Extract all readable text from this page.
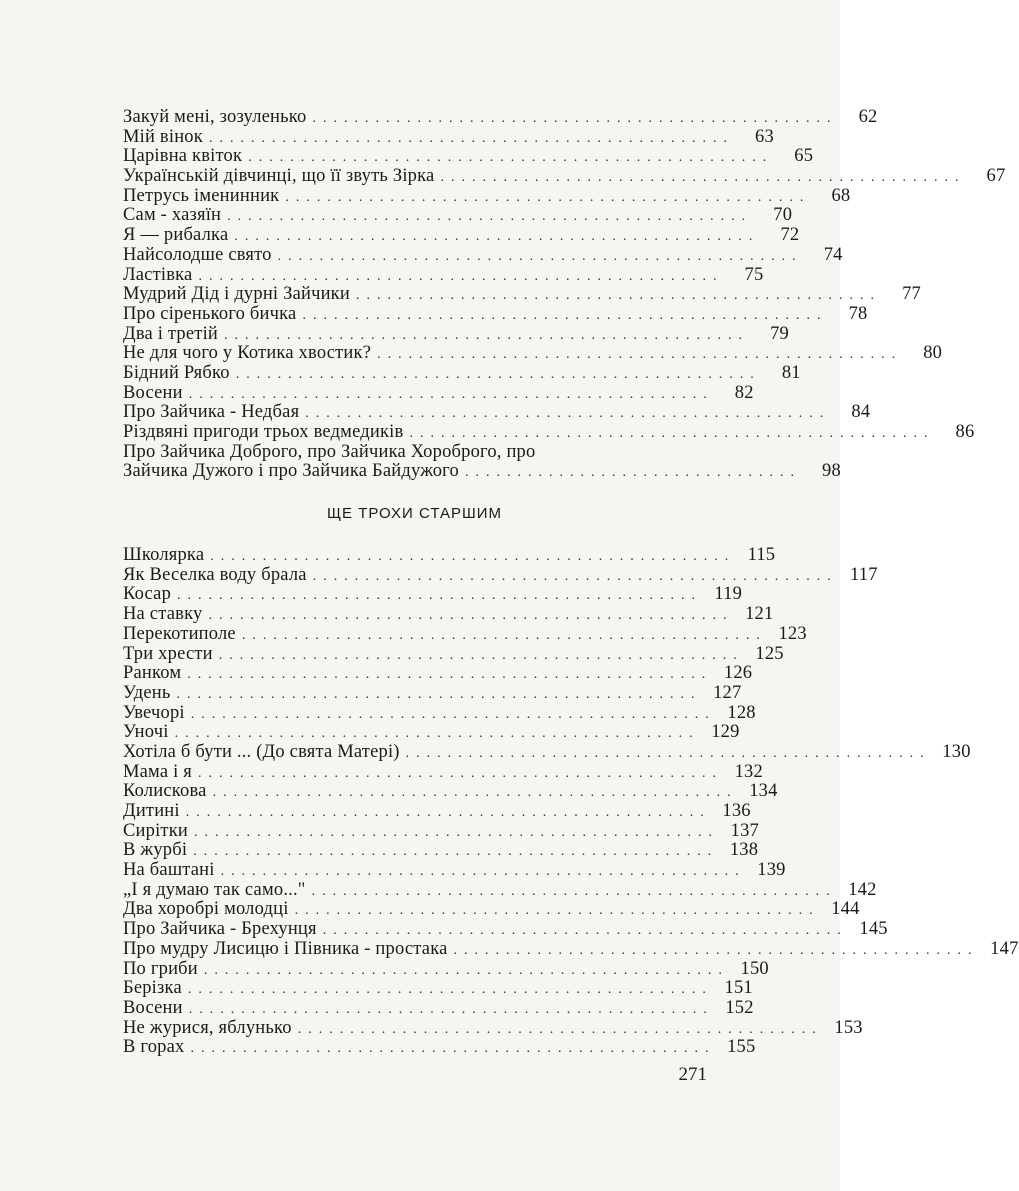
Закуй мені, зозуленько ..................................................	62
Мій вінок ..................................................	63
Царівна квіток ..................................................	65
Українській дівчинці, що її звуть Зірка ..................................................	67
Петрусь іменинник ..................................................	68
Сам - хазяїн ..................................................	70
Я — рибалка ..................................................	72
Найсолодше свято ..................................................	74
Ластівка ..................................................	75
Мудрий Дід і дурні Зайчики ..................................................	77
Про сіренького бичка ..................................................	78
Два і третій ..................................................	79
Не для чого у Котика хвостик? ..................................................	80
Бідний Рябко ..................................................	81
Восени ..................................................	82
Про Зайчика - Недбая ..................................................	84
Різдвяні пригоди трьох ведмедиків ..................................................	86
Про Зайчика Доброго, про Зайчика Хороброго, про
Зайчика Дужого і про Зайчика Байдужого ................................	98
ЩЕ ТРОХИ СТАРШИМ
Школярка .................................................. 115
Як Веселка воду брала .................................................. 117
Косар .................................................. 119
На ставку .................................................. 121
Перекотиполе .................................................. 123
Три хрести .................................................. 125
Ранком .................................................. 126
Удень .................................................. 127
Увечорі .................................................. 128
Уночі .................................................. 129
Хотіла б бути ... (До свята Матері) .................................................. 130
Мама і я .................................................. 132
Колискова .................................................. 134
Дитині .................................................. 136
Сирітки .................................................. 137
В журбі .................................................. 138
На баштані .................................................. 139
„І я думаю так само..." .................................................. 142
Два хоробрі молодці .................................................. 144
Про Зайчика - Брехунця .................................................. 145
Про мудру Лисицю і Півника - простака .................................................. 147
По гриби .................................................. 150
Берізка .................................................. 151
Восени .................................................. 152
Не журися, яблунько .................................................. 153
В горах .................................................. 155
271
